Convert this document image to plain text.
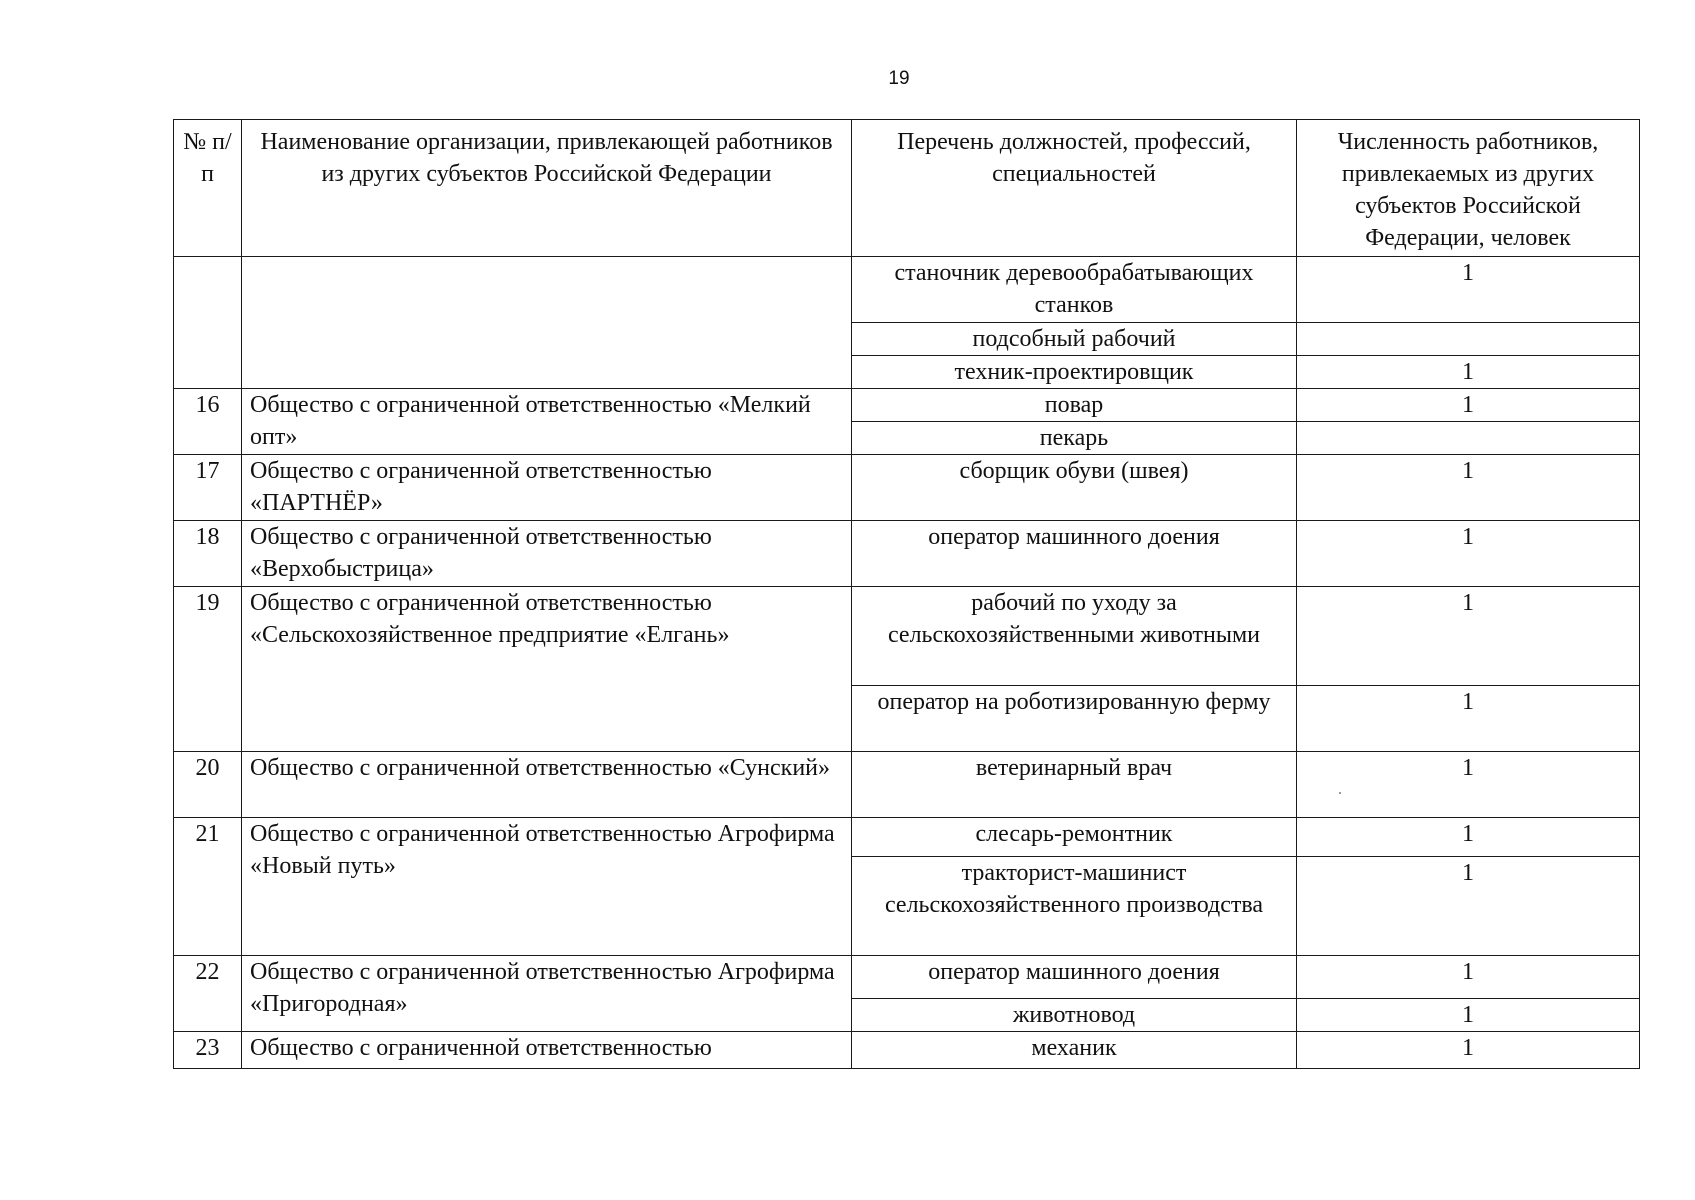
19
№ п/п	Наименование организации, привлекающей работников из других субъектов Российской Федерации	Перечень должностей, профессий, специальностей	Численность работников, привлекаемых из других субъектов Российской Федерации, человек
		станочник деревообрабатывающих станков	1
		подсобный рабочий	
		техник-проектировщик	1
16	Общество с ограниченной ответственностью «Мелкий опт»	повар	1
		пекарь	
17	Общество с ограниченной ответственностью «ПАРТНЁР»	сборщик обуви (швея)	1
18	Общество с ограниченной ответственностью «Верхобыстрица»	оператор машинного доения	1
19	Общество с ограниченной ответственностью «Сельскохозяйственное предприятие «Елгань»	рабочий по уходу за сельскохозяйственными животными	1
		оператор на роботизированную ферму	1
20	Общество с ограниченной ответственностью «Сунский»	ветеринарный врач	1
21	Общество с ограниченной ответственностью Агрофирма «Новый путь»	слесарь-ремонтник	1
		тракторист-машинист сельскохозяйственного производства	1
22	Общество с ограниченной ответственностью Агрофирма «Пригородная»	оператор машинного доения	1
		животновод	1
23	Общество с ограниченной ответственностью	механик	1
